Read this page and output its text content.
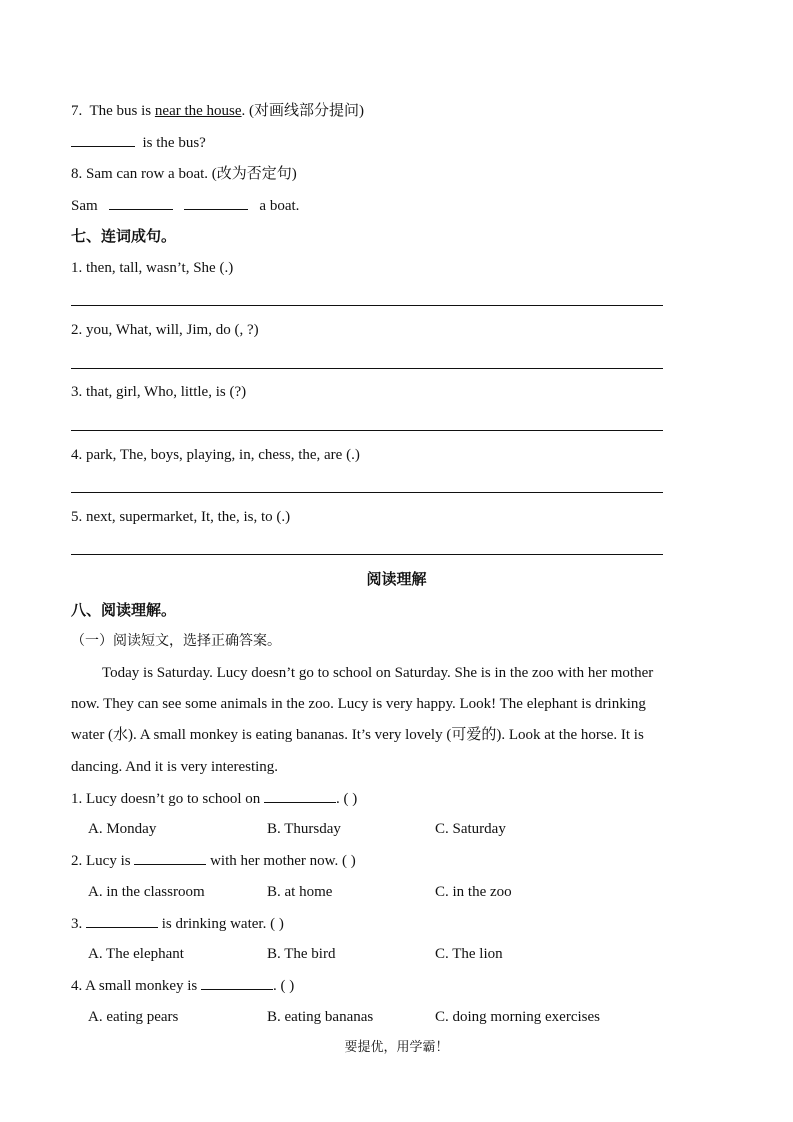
7. The bus is near the house. (对画线部分提问)
is the bus?
8. Sam can row a boat. (改为否定句)
Sam	a boat.
七、连词成句。
1. then, tall, wasn’t, She (.)
2. you, What, will, Jim, do (, ?)
3. that, girl, Who, little, is (?)
4. park, The, boys, playing, in, chess, the, are (.)
5. next, supermarket, It, the, is, to (.)
阅读理解
八、阅读理解。
（一）阅读短文，选择正确答案。
Today is Saturday. Lucy doesn’t go to school on Saturday. She is in the zoo with her mother
now. They can see some animals in the zoo. Lucy is very happy. Look! The elephant is drinking
water (水). A small monkey is eating bananas. It’s very lovely (可爱的). Look at the horse. It is
dancing. And it is very interesting.
1. Lucy doesn’t go to school on	. ( )
A. Monday	B. Thursday	C. Saturday
2. Lucy is	with her mother now. ( )
A. in the classroom	B. at home	C. in the zoo
3.	is drinking water. ( )
A. The elephant	B. The bird	C. The lion
4. A small monkey is	. ( )
A. eating pears	B. eating bananas	C. doing morning exercises
要提优，用学霸！
